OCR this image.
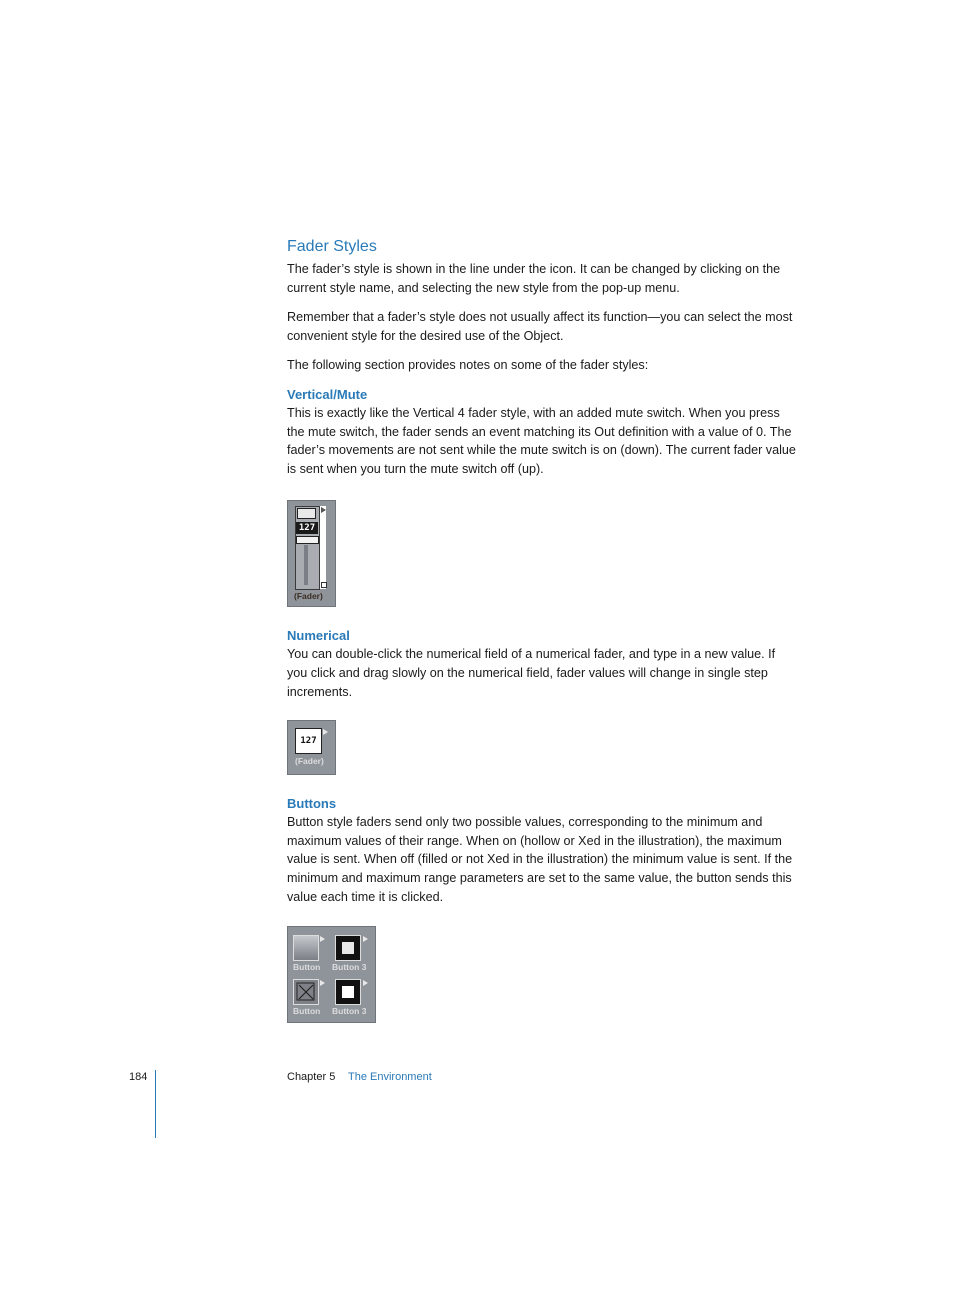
Fader Styles

The fader’s style is shown in the line under the icon. It can be changed by clicking on the current style name, and selecting the new style from the pop-up menu.

Remember that a fader’s style does not usually affect its function—you can select the most convenient style for the desired use of the Object.

The following section provides notes on some of the fader styles:

Vertical/Mute

This is exactly like the Vertical 4 fader style, with an added mute switch. When you press the mute switch, the fader sends an event matching its Out definition with a value of 0. The fader’s movements are not sent while the mute switch is on (down). The current fader value is sent when you turn the mute switch off (up).

127
(Fader)
Numerical

You can double-click the numerical field of a numerical fader, and type in a new value. If you click and drag slowly on the numerical field, fader values will change in single step increments.

127
(Fader)
Buttons

Button style faders send only two possible values, corresponding to the minimum and maximum values of their range. When on (hollow or Xed in the illustration), the maximum value is sent. When off (filled or not Xed in the illustration) the minimum value is sent. If the minimum and maximum range parameters are set to the same value, the button sends this value each time it is clicked.

Button Button 3
Button Button 3
184	Chapter 5 The Environment
